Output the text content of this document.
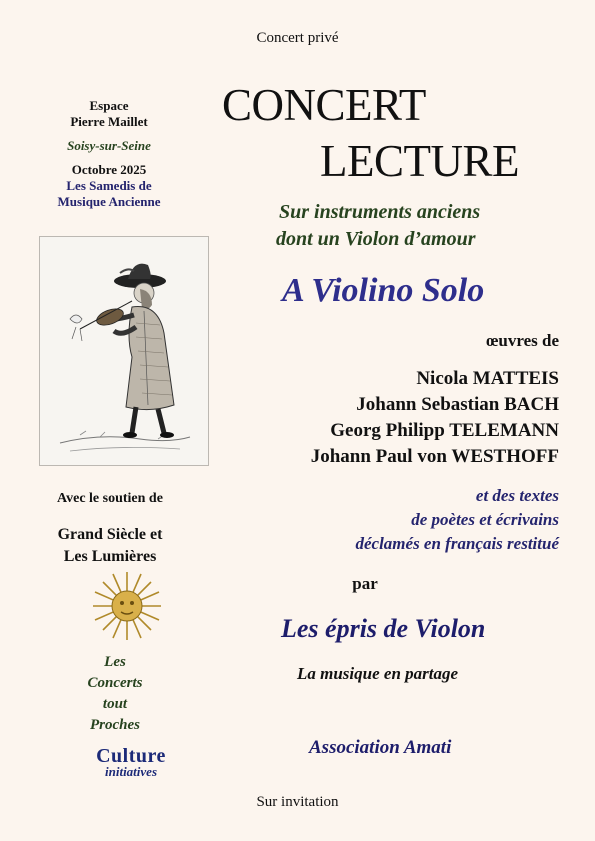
Concert privé
Espace
Pierre Maillet
Soisy-sur-Seine
Octobre 2025
Les Samedis de
Musique Ancienne
Avec le soutien de
Grand Siècle et
Les Lumières
Les
Concerts
tout
Proches
Culture
initiatives
CONCERT
LECTURE
Sur instruments anciens
dont un Violon d’amour
A Violino Solo
œuvres de
Nicola MATTEIS
Johann Sebastian BACH
Georg Philipp TELEMANN
Johann Paul von WESTHOFF
et des textes
de poètes et écrivains
déclamés en français restitué
par
Les épris de Violon
La musique en partage
Association Amati
Sur invitation
